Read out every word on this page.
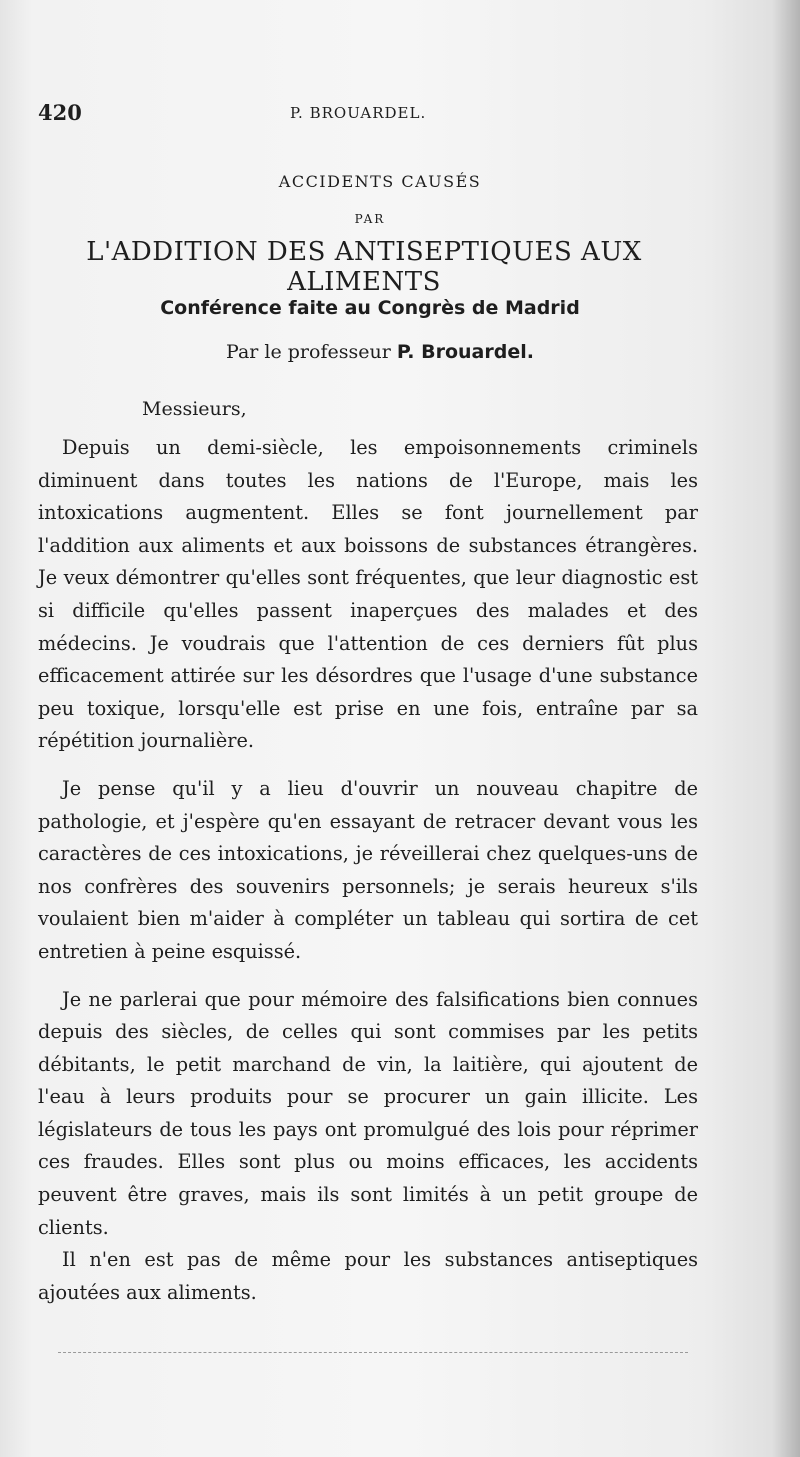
420	P. BROUARDEL.
ACCIDENTS CAUSÉS
PAR
L'ADDITION DES ANTISEPTIQUES AUX ALIMENTS
Conférence faite au Congrès de Madrid
Par le professeur P. Brouardel.
Messieurs,

Depuis un demi-siècle, les empoisonnements criminels diminuent dans toutes les nations de l'Europe, mais les intoxications augmentent. Elles se font journellement par l'addition aux aliments et aux boissons de substances étrangères. Je veux démontrer qu'elles sont fréquentes, que leur diagnostic est si difficile qu'elles passent inaperçues des malades et des médecins. Je voudrais que l'attention de ces derniers fût plus efficacement attirée sur les désordres que l'usage d'une substance peu toxique, lorsqu'elle est prise en une fois, entraîne par sa répétition journalière.

Je pense qu'il y a lieu d'ouvrir un nouveau chapitre de pathologie, et j'espère qu'en essayant de retracer devant vous les caractères de ces intoxications, je réveillerai chez quelques-uns de nos confrères des souvenirs personnels; je serais heureux s'ils voulaient bien m'aider à compléter un tableau qui sortira de cet entretien à peine esquissé.

Je ne parlerai que pour mémoire des falsifications bien connues depuis des siècles, de celles qui sont commises par les petits débitants, le petit marchand de vin, la laitière, qui ajoutent de l'eau à leurs produits pour se procurer un gain illicite. Les législateurs de tous les pays ont promulgué des lois pour réprimer ces fraudes. Elles sont plus ou moins efficaces, les accidents peuvent être graves, mais ils sont limités à un petit groupe de clients.

Il n'en est pas de même pour les substances antiseptiques ajoutées aux aliments.
